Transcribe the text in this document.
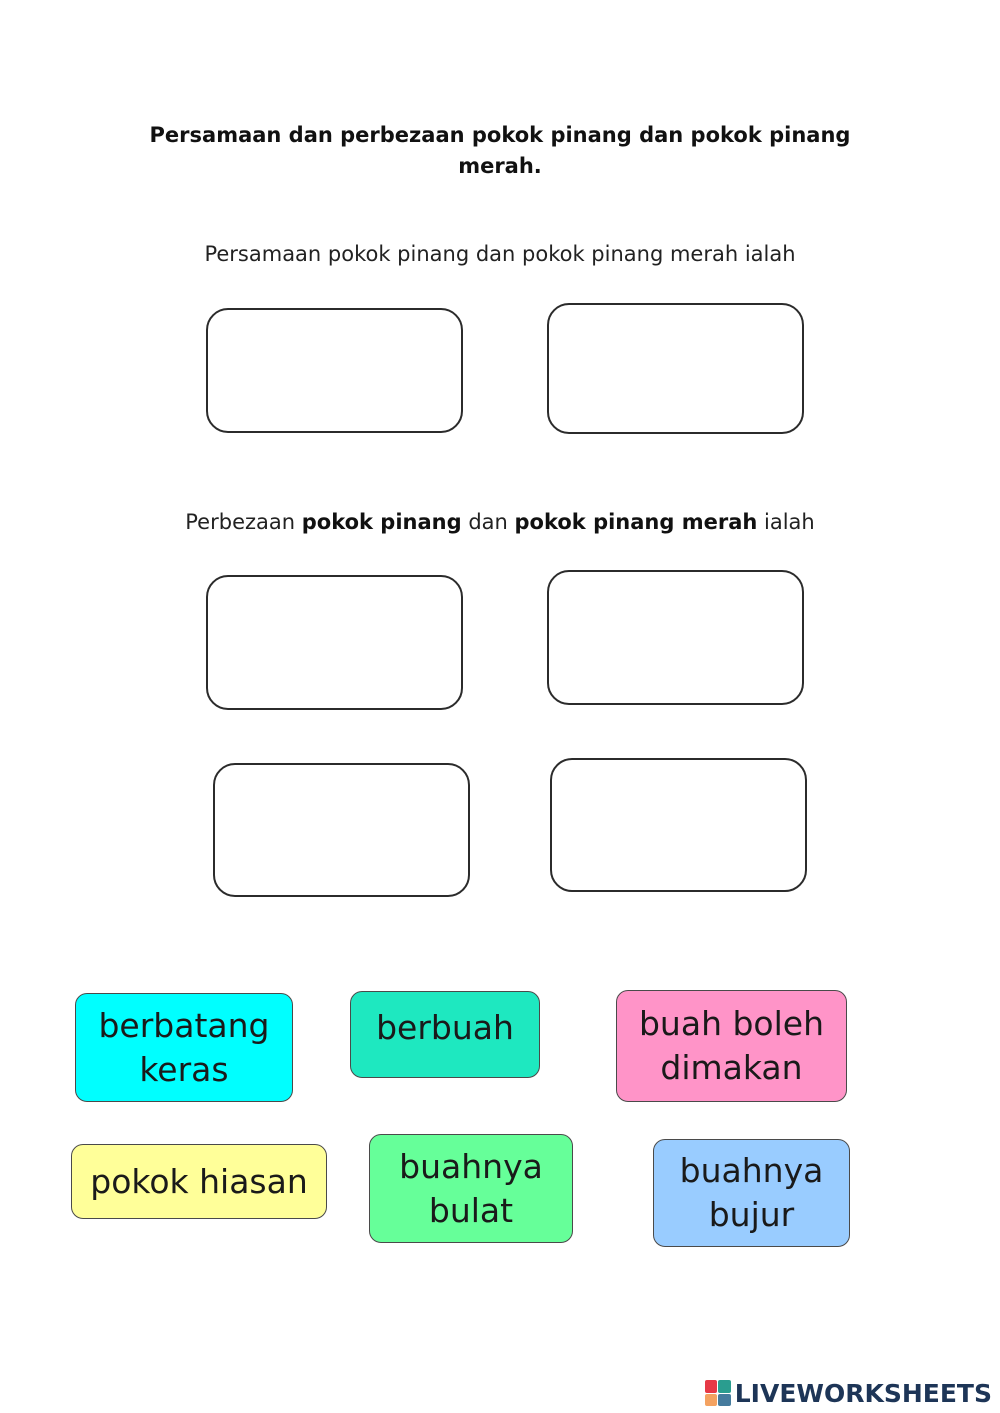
Persamaan dan perbezaan pokok pinang dan pokok pinang
merah.
Persamaan pokok pinang dan pokok pinang merah ialah
Perbezaan pokok pinang dan pokok pinang merah ialah
berbatang
keras
berbuah	buah boleh
dimakan
pokok hiasan	buahnya
bulat
buahnya
bujur
LIVEWORKSHEETS
